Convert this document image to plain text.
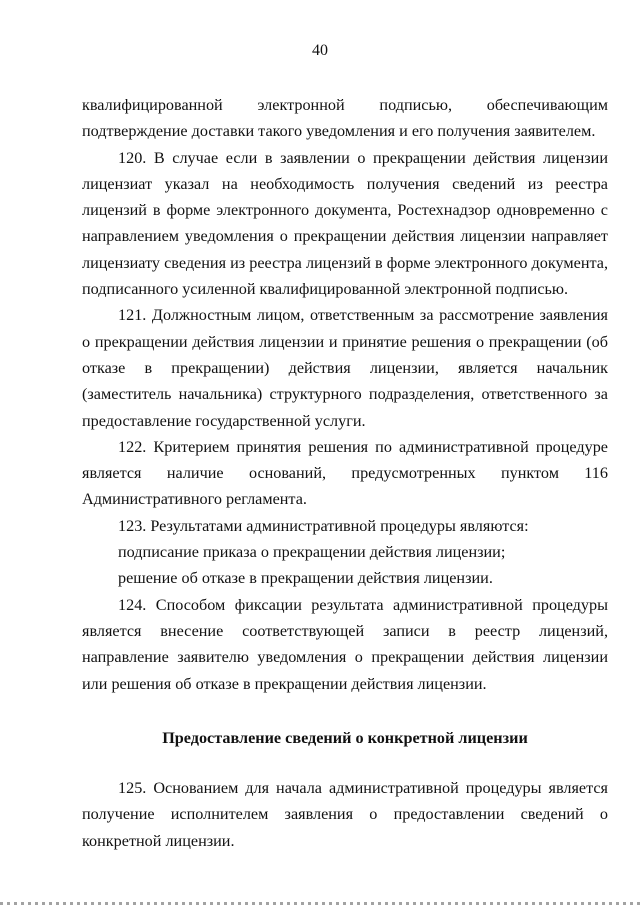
40

квалифицированной электронной подписью, обеспечивающим подтверждение доставки такого уведомления и его получения заявителем.

120. В случае если в заявлении о прекращении действия лицензии лицензиат указал на необходимость получения сведений из реестра лицензий в форме электронного документа, Ростехнадзор одновременно с направлением уведомления о прекращении действия лицензии направляет лицензиату сведения из реестра лицензий в форме электронного документа, подписанного усиленной квалифицированной электронной подписью.

121. Должностным лицом, ответственным за рассмотрение заявления о прекращении действия лицензии и принятие решения о прекращении (об отказе в прекращении) действия лицензии, является начальник (заместитель начальника) структурного подразделения, ответственного за предоставление государственной услуги.

122. Критерием принятия решения по административной процедуре является наличие оснований, предусмотренных пунктом 116 Административного регламента.

123. Результатами административной процедуры являются:

подписание приказа о прекращении действия лицензии;

решение об отказе в прекращении действия лицензии.

124. Способом фиксации результата административной процедуры является внесение соответствующей записи в реестр лицензий, направление заявителю уведомления о прекращении действия лицензии или решения об отказе в прекращении действия лицензии.

Предоставление сведений о конкретной лицензии

125. Основанием для начала административной процедуры является получение исполнителем заявления о предоставлении сведений о конкретной лицензии.
